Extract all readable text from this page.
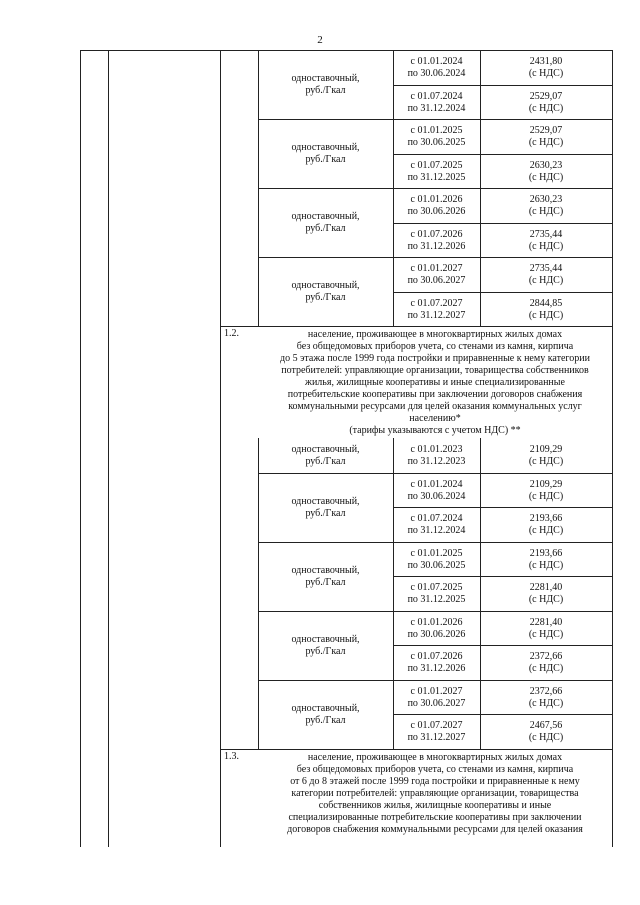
2
с 01.01.2024
по 30.06.2024
2431,80
(с НДС)
с 01.07.2024
по 31.12.2024
2529,07
(с НДС)
одноставочный,
руб./Гкал
с 01.01.2025
по 30.06.2025
2529,07
(с НДС)
с 01.07.2025
по 31.12.2025
2630,23
(с НДС)
одноставочный,
руб./Гкал
с 01.01.2026
по 30.06.2026
2630,23
(с НДС)
с 01.07.2026
по 31.12.2026
2735,44
(с НДС)
одноставочный,
руб./Гкал
с 01.01.2027
по 30.06.2027
2735,44
(с НДС)
с 01.07.2027
по 31.12.2027
2844,85
(с НДС)
одноставочный,
руб./Гкал
население, проживающее в многоквартирных жилых домах
без общедомовых приборов учета, со стенами из камня, кирпича
до 5 этажа после 1999 года постройки и приравненные к нему категории
потребителей: управляющие организации, товарищества собственников
жилья, жилищные кооперативы и иные специализированные
потребительские кооперативы при заключении договоров снабжения
коммунальными ресурсами для целей оказания коммунальных услуг
населению*
(тарифы указываются с учетом НДС) **
с 01.01.2023
по 31.12.2023
2109,29
(с НДС)
одноставочный,
руб./Гкал
с 01.01.2024
по 30.06.2024
2109,29
(с НДС)
с 01.07.2024
по 31.12.2024
2193,66
(с НДС)
одноставочный,
руб./Гкал
с 01.01.2025
по 30.06.2025
2193,66
(с НДС)
с 01.07.2025
по 31.12.2025
2281,40
(с НДС)
одноставочный,
руб./Гкал
с 01.01.2026
по 30.06.2026
2281,40
(с НДС)
с 01.07.2026
по 31.12.2026
2372,66
(с НДС)
одноставочный,
руб./Гкал
с 01.01.2027
по 30.06.2027
2372,66
(с НДС)
с 01.07.2027
по 31.12.2027
2467,56
(с НДС)
одноставочный,
руб./Гкал
1.2.
население, проживающее в многоквартирных жилых домах
без общедомовых приборов учета, со стенами из камня, кирпича
от 6 до 8 этажей после 1999 года постройки и приравненные к нему
категории потребителей: управляющие организации, товарищества
собственников жилья, жилищные кооперативы и иные
специализированные потребительские кооперативы при заключении
договоров снабжения коммунальными ресурсами для целей оказания
1.3.
